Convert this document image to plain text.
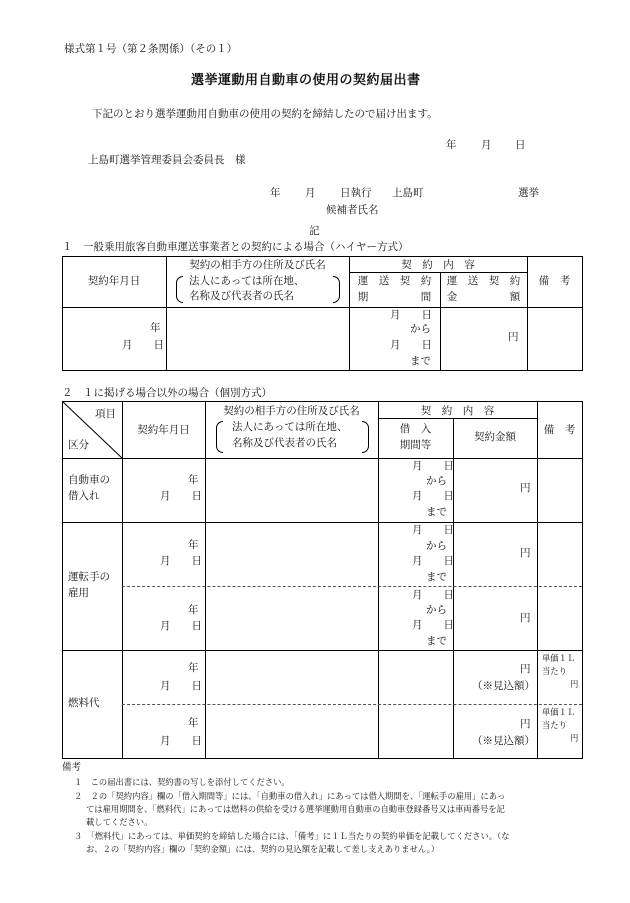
様式第１号（第２条関係）（その１）
選挙運動用自動車の使用の契約届出書
下記のとおり選挙運動用自動車の使用の契約を締結したので届け出ます。
年 月 日
上島町選挙管理委員会委員長　様
年 月 日執行 上島町	選挙
候補者氏名
記
１　一般乗用旅客自動車運送事業者との契約による場合（ハイヤー方式）
契約の相手方の住所及び氏名
法人にあっては所在地、
名称及び代表者の氏名
契約年月日
契　約　内　容
運　送　契　約
期　　　　　間
運　送　契　約
金　　　　　額
備　考
年
月　　日
月　　日
から
月　　日
まで
円
２　１に掲げる場合以外の場合（個別方式）
項目
区分
契約年月日
契約の相手方の住所及び氏名
法人にあっては所在地、
名称及び代表者の氏名
契　約　内　容
借　入
期間等
契約金額
備　考
自動車の
借入れ
年
月　　日
月　　日
から
月　　日
まで
円
運転手の
雇用
年
月　　日
月　　日
から
月　　日
まで
円
年
月　　日
月　　日
から
月　　日
まで
円
燃料代
年
月　　日
円
（※見込額）
単価１Ｌ
当たり
円
年
月　　日
円
（※見込額）
単価１Ｌ
当たり
円
備考
１　この届出書には、契約書の写しを添付してください。
２　２の「契約内容」欄の「借入期間等」には、「自動車の借入れ」にあっては借入期間を、「運転手の雇用」にあっ
ては雇用期間を、「燃料代」にあっては燃料の供給を受ける選挙運動用自動車の自動車登録番号又は車両番号を記
載してください。
３　「燃料代」にあっては、単価契約を締結した場合には、「備考」に１Ｌ当たりの契約単価を記載してください。（な
お、２の「契約内容」欄の「契約金額」には、契約の見込額を記載して差し支えありません。）
